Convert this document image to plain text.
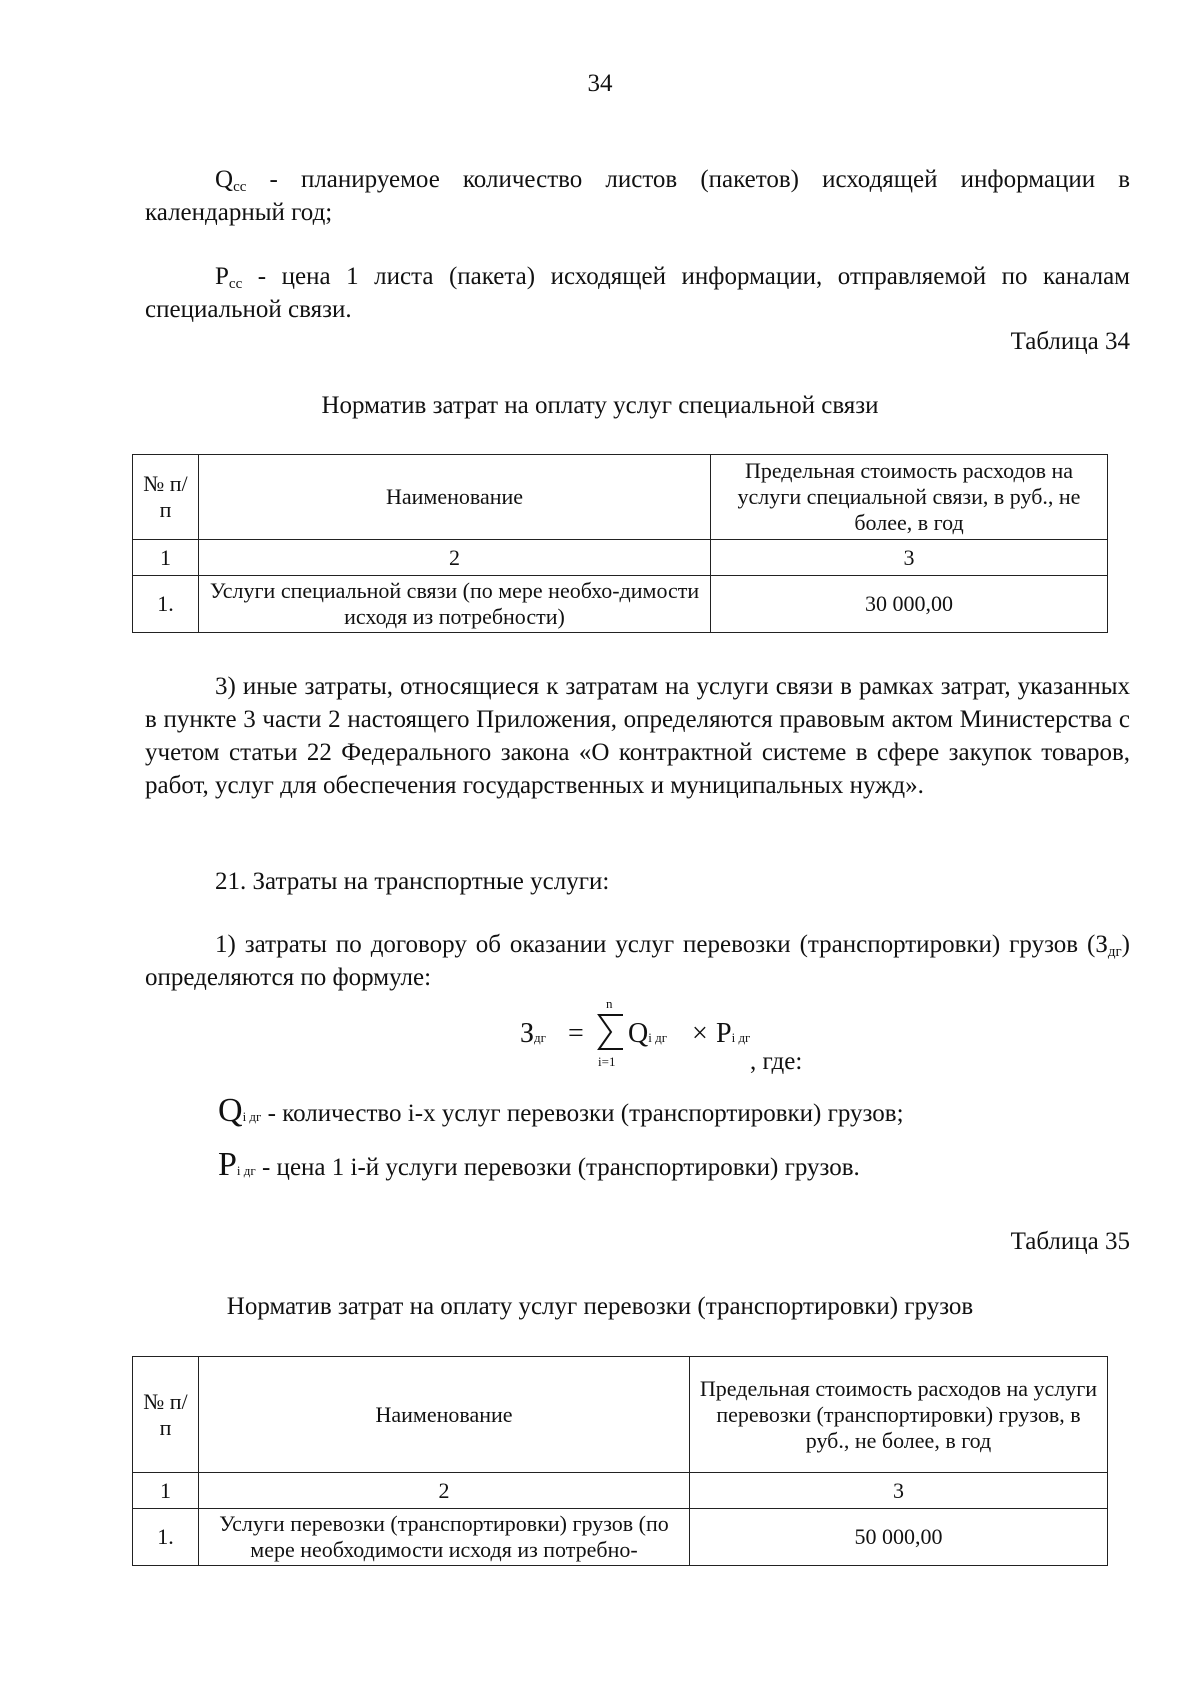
34
$Q_{сс}$ - планируемое количество листов (пакетов) исходящей информации в календарный год;
$P_{сс}$ - цена 1 листа (пакета) исходящей информации, отправляемой по каналам специальной связи.
Таблица 34
Норматив затрат на оплату услуг специальной связи
№ п/п	Наименование	Предельная стоимость расходов на услуги специальной связи, в руб., не более, в год
1	2	3
1.	Услуги специальной связи (по мере необхо-димости исходя из потребности)	30 000,00
3) иные затраты, относящиеся к затратам на услуги связи в рамках затрат, указанных в пункте 3 части 2 настоящего Приложения, определяются правовым актом Министерства с учетом статьи 22 Федерального закона «О контрактной системе в сфере закупок товаров, работ, услуг для обеспечения государственных и муниципальных нужд».
21. Затраты на транспортные услуги:
1) затраты по договору об оказании услуг перевозки (транспортировки) грузов $(З_{дг})$ определяются по формуле:
Здг =
n
i=1
Qi дг × Pi дг
, где:
Qi дг - количество i-х услуг перевозки (транспортировки) грузов;
Pi дг - цена 1 i-й услуги перевозки (транспортировки) грузов.
Таблица 35
Норматив затрат на оплату услуг перевозки (транспортировки) грузов
№ п/п	Наименование	Предельная стоимость расходов на услуги перевозки (транспортировки) грузов, в руб., не более, в год
1	2	3
1.	Услуги перевозки (транспортировки) грузов (по мере необходимости исходя из потребно-	50 000,00
